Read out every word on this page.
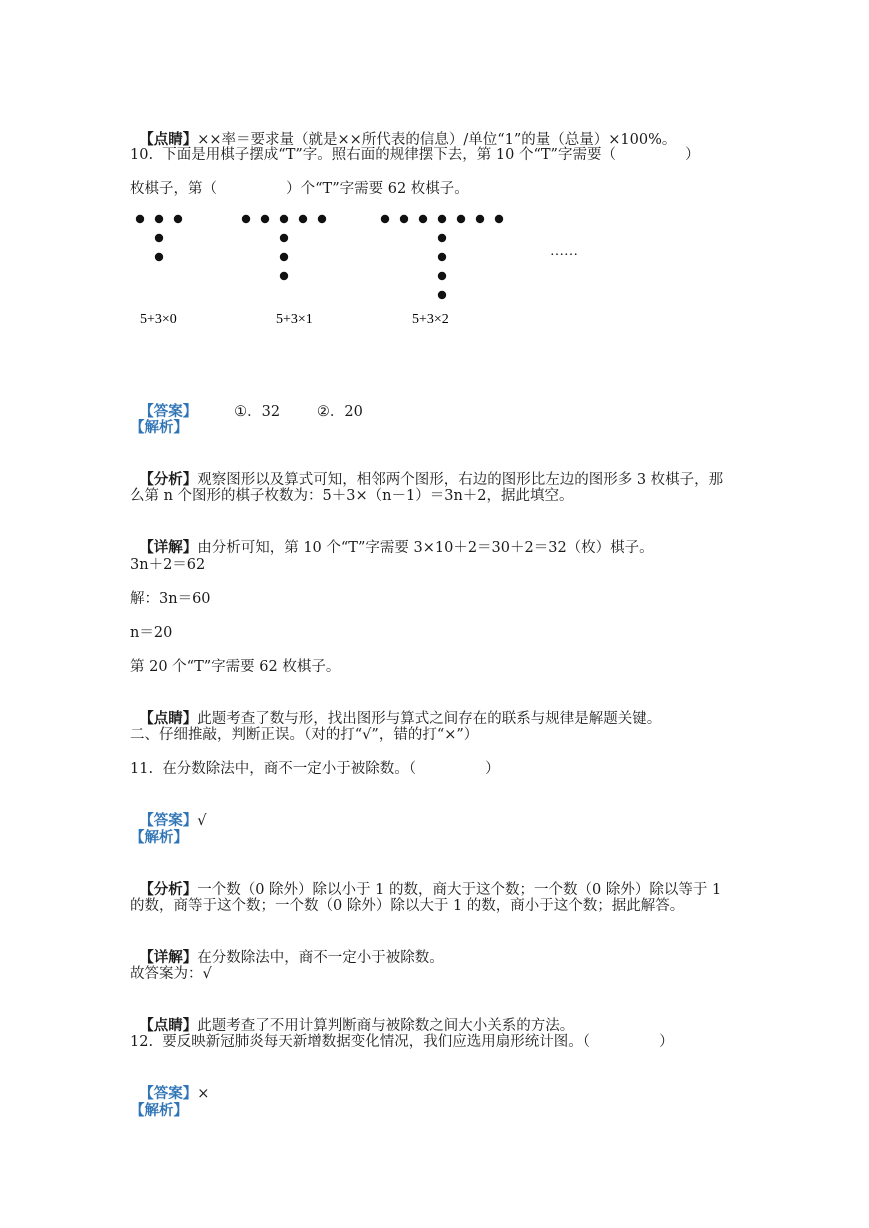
【点睛】××率＝要求量（就是××所代表的信息）/单位“1”的量（总量）×100%。

10.  下面是用棋子摆成“T”字。照右面的规律摆下去，第 10 个“T”字需要（               ）
枚棋子，第（               ）个“T”字需要 62 枚棋子。
5+3×0	5+3×1	5+3×2
……

【答案】        ①．32        ②．20

【解析】

【分析】观察图形以及算式可知，相邻两个图形，右边的图形比左边的图形多 3 枚棋子，那

么第 n 个图形的棋子枚数为：5＋3×（n－1）＝3n＋2，据此填空。

【详解】由分析可知，第 10 个“T”字需要 3×10＋2＝30＋2＝32（枚）棋子。

3n＋2＝62
解：3n＝60
n＝20
第 20 个“T”字需要 62 枚棋子。

【点睛】此题考查了数与形，找出图形与算式之间存在的联系与规律是解题关键。

二、仔细推敲，判断正误。（对的打“√”，错的打“×”）
11.  在分数除法中，商不一定小于被除数。（               ）

【答案】√

【解析】

【分析】一个数（0 除外）除以小于 1 的数，商大于这个数；一个数（0 除外）除以等于 1

的数，商等于这个数；一个数（0 除外）除以大于 1 的数，商小于这个数；据此解答。

【详解】在分数除法中，商不一定小于被除数。

故答案为：√

【点睛】此题考查了不用计算判断商与被除数之间大小关系的方法。

12.  要反映新冠肺炎每天新增数据变化情况，我们应选用扇形统计图。（               ）

【答案】×

【解析】
